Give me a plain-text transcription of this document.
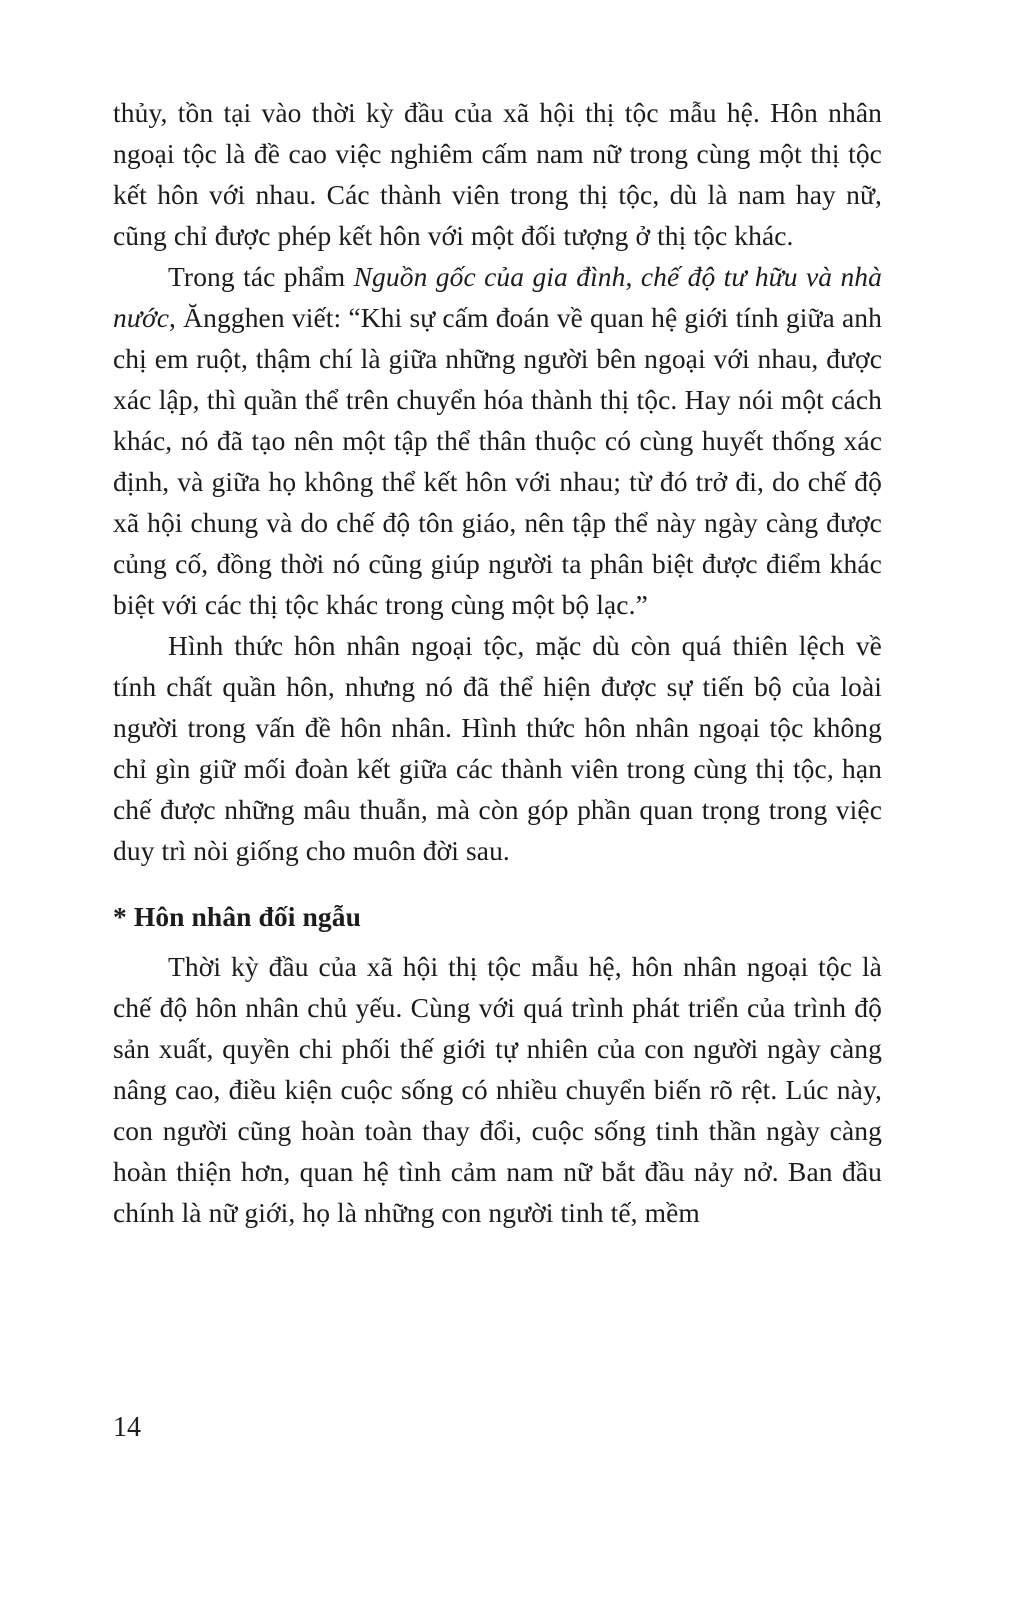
thủy, tồn tại vào thời kỳ đầu của xã hội thị tộc mẫu hệ. Hôn nhân ngoại tộc là đề cao việc nghiêm cấm nam nữ trong cùng một thị tộc kết hôn với nhau. Các thành viên trong thị tộc, dù là nam hay nữ, cũng chỉ được phép kết hôn với một đối tượng ở thị tộc khác.

Trong tác phẩm Nguồn gốc của gia đình, chế độ tư hữu và nhà nước, Ăngghen viết: “Khi sự cấm đoán về quan hệ giới tính giữa anh chị em ruột, thậm chí là giữa những người bên ngoại với nhau, được xác lập, thì quần thể trên chuyển hóa thành thị tộc. Hay nói một cách khác, nó đã tạo nên một tập thể thân thuộc có cùng huyết thống xác định, và giữa họ không thể kết hôn với nhau; từ đó trở đi, do chế độ xã hội chung và do chế độ tôn giáo, nên tập thể này ngày càng được củng cố, đồng thời nó cũng giúp người ta phân biệt được điểm khác biệt với các thị tộc khác trong cùng một bộ lạc.”

Hình thức hôn nhân ngoại tộc, mặc dù còn quá thiên lệch về tính chất quần hôn, nhưng nó đã thể hiện được sự tiến bộ của loài người trong vấn đề hôn nhân. Hình thức hôn nhân ngoại tộc không chỉ gìn giữ mối đoàn kết giữa các thành viên trong cùng thị tộc, hạn chế được những mâu thuẫn, mà còn góp phần quan trọng trong việc duy trì nòi giống cho muôn đời sau.

* Hôn nhân đối ngẫu

Thời kỳ đầu của xã hội thị tộc mẫu hệ, hôn nhân ngoại tộc là chế độ hôn nhân chủ yếu. Cùng với quá trình phát triển của trình độ sản xuất, quyền chi phối thế giới tự nhiên của con người ngày càng nâng cao, điều kiện cuộc sống có nhiều chuyển biến rõ rệt. Lúc này, con người cũng hoàn toàn thay đổi, cuộc sống tinh thần ngày càng hoàn thiện hơn, quan hệ tình cảm nam nữ bắt đầu nảy nở. Ban đầu chính là nữ giới, họ là những con người tinh tế, mềm

14
